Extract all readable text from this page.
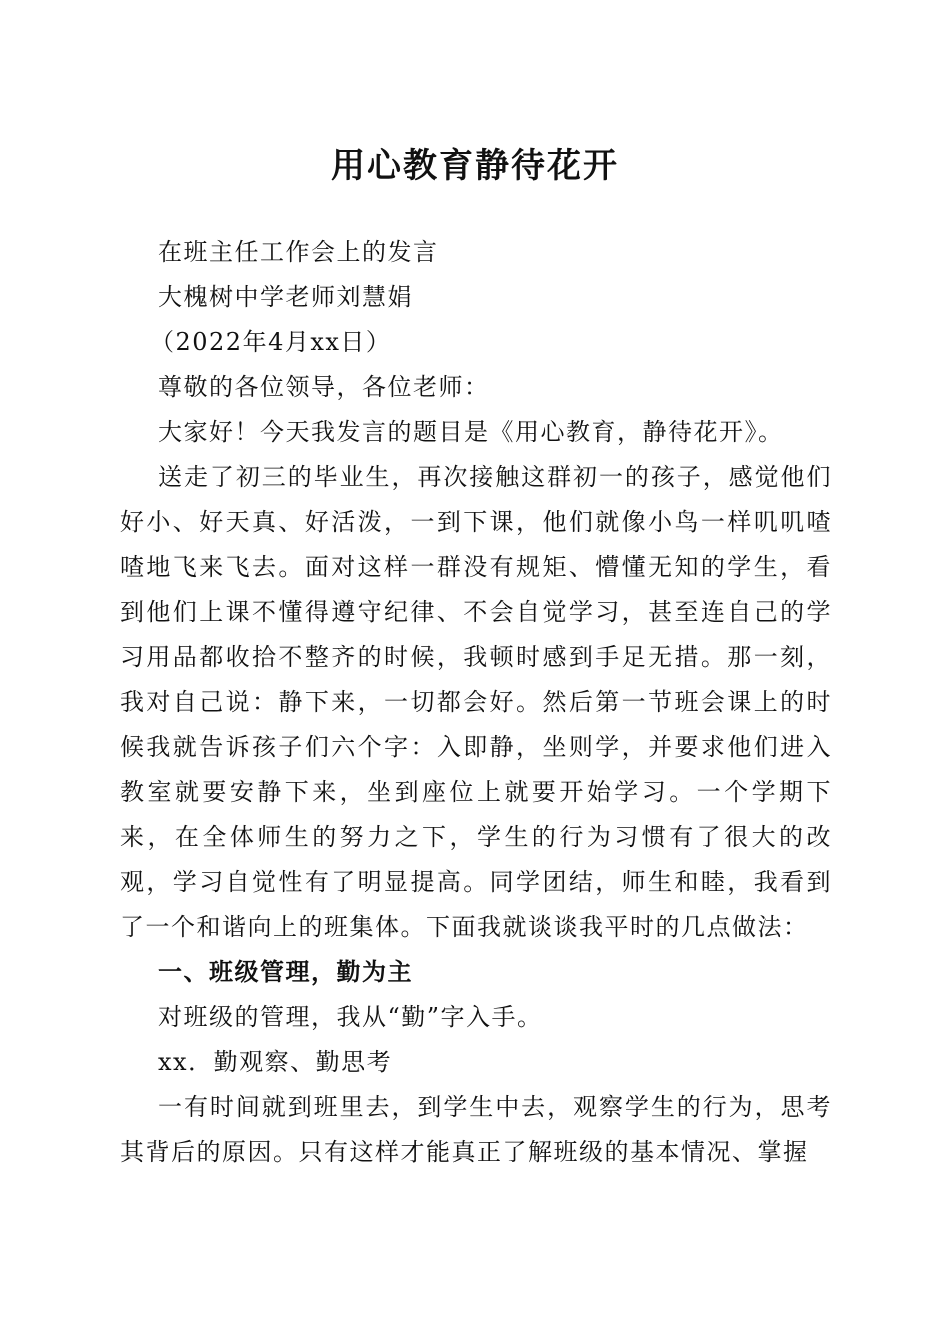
用心教育静待花开

在班主任工作会上的发言

大槐树中学老师刘慧娟

（2022年4月xx日）

尊敬的各位领导，各位老师：

大家好！今天我发言的题目是《用心教育，静待花开》。

送走了初三的毕业生，再次接触这群初一的孩子，感觉他们好小、好天真、好活泼，一到下课，他们就像小鸟一样叽叽喳喳地飞来飞去。面对这样一群没有规矩、懵懂无知的学生，看到他们上课不懂得遵守纪律、不会自觉学习，甚至连自己的学习用品都收拾不整齐的时候，我顿时感到手足无措。那一刻，我对自己说：静下来，一切都会好。然后第一节班会课上的时候我就告诉孩子们六个字：入即静，坐则学，并要求他们进入教室就要安静下来，坐到座位上就要开始学习。一个学期下来，在全体师生的努力之下，学生的行为习惯有了很大的改观，学习自觉性有了明显提高。同学团结，师生和睦，我看到了一个和谐向上的班集体。下面我就谈谈我平时的几点做法：

一、班级管理，勤为主

对班级的管理，我从“勤”字入手。

xx．勤观察、勤思考

一有时间就到班里去，到学生中去，观察学生的行为，思考其背后的原因。只有这样才能真正了解班级的基本情况、掌握
